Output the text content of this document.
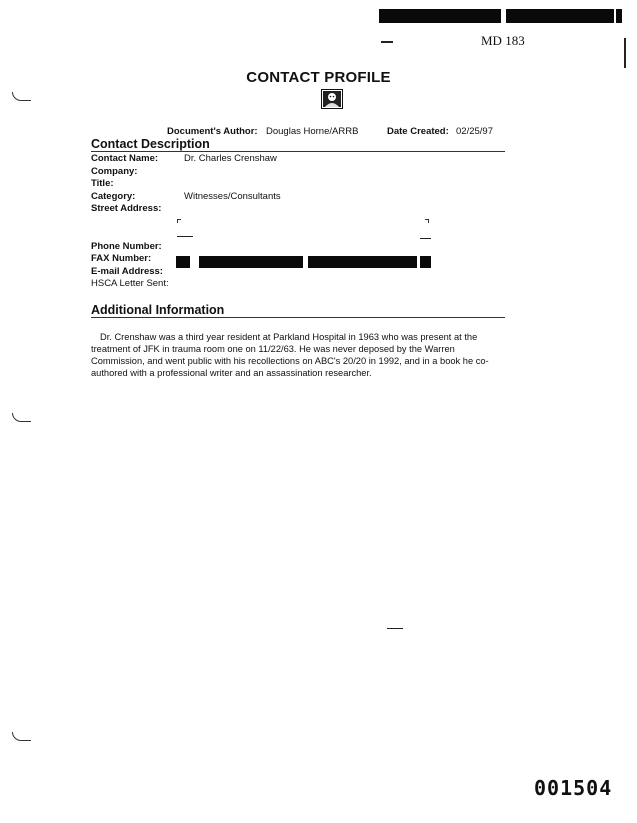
MD 183
CONTACT PROFILE
Document's Author: Douglas Horne/ARRB	Date Created: 02/25/97
Contact Description
Contact Name:	Dr. Charles Crenshaw
Company:
Title:
Category:	Witnesses/Consultants
Street Address:
Phone Number:
FAX Number:
E-mail Address:
HSCA Letter Sent:
Additional Information
Dr. Crenshaw was a third year resident at Parkland Hospital in 1963 who was present at the treatment of JFK in trauma room one on 11/22/63. He was never deposed by the Warren Commission, and went public with his recollections on ABC's 20/20 in 1992, and in a book he co-authored with a professional writer and an assassination researcher.
001504
